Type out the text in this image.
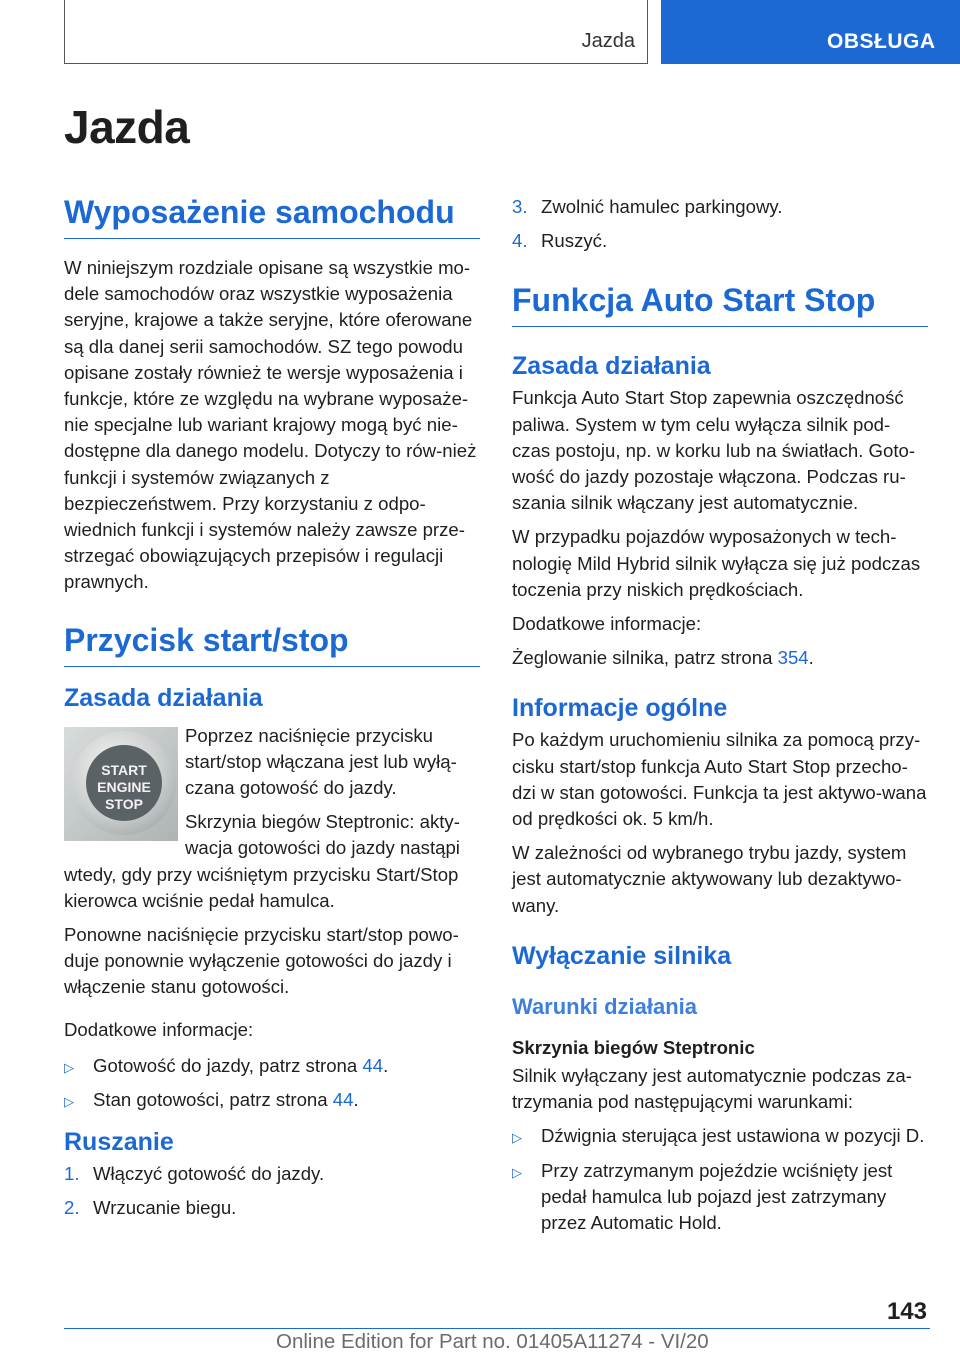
Jazda	OBSŁUGA
Jazda
Wyposażenie samochodu

W niniejszym rozdziale opisane są wszystkie mo-dele samochodów oraz wszystkie wyposażenia seryjne, krajowe a także seryjne, które oferowane są dla danej serii samochodów. SZ tego powodu opisane zostały również te wersje wyposażenia i funkcje, które ze względu na wybrane wyposaże-nie specjalne lub wariant krajowy mogą być nie-dostępne dla danego modelu. Dotyczy to rów-nież funkcji i systemów związanych z bezpieczeństwem. Przy korzystaniu z odpo-wiednich funkcji i systemów należy zawsze prze-strzegać obowiązujących przepisów i regulacji prawnych.

Przycisk start/stop
Zasada działania
START
ENGINE
STOP

Poprzez naciśnięcie przycisku start/stop włączana jest lub wyłą-czana gotowość do jazdy.

Skrzynia biegów Steptronic: akty-wacja gotowości do jazdy nastąpi wtedy, gdy przy wciśniętym przycisku Start/Stop kierowca wciśnie pedał hamulca.

Ponowne naciśnięcie przycisku start/stop powo-duje ponownie wyłączenie gotowości do jazdy i włączenie stanu gotowości.

Dodatkowe informacje:

▷ Gotowość do jazdy, patrz strona 44.
▷ Stan gotowości, patrz strona 44.
Ruszanie
1. Włączyć gotowość do jazdy.
2. Wrzucanie biegu.
3. Zwolnić hamulec parkingowy.
4. Ruszyć.
Funkcja Auto Start Stop
Zasada działania

Funkcja Auto Start Stop zapewnia oszczędność paliwa. System w tym celu wyłącza silnik pod-czas postoju, np. w korku lub na światłach. Goto-wość do jazdy pozostaje włączona. Podczas ru-szania silnik włączany jest automatycznie.

W przypadku pojazdów wyposażonych w tech-nologię Mild Hybrid silnik wyłącza się już podczas toczenia przy niskich prędkościach.

Dodatkowe informacje:

Żeglowanie silnika, patrz strona 354.

Informacje ogólne

Po każdym uruchomieniu silnika za pomocą przy-cisku start/stop funkcja Auto Start Stop przecho-dzi w stan gotowości. Funkcja ta jest aktywo-wana od prędkości ok. 5 km/h.

W zależności od wybranego trybu jazdy, system jest automatycznie aktywowany lub dezaktywo-wany.

Wyłączanie silnika
Warunki działania
Skrzynia biegów Steptronic

Silnik wyłączany jest automatycznie podczas za-trzymania pod następującymi warunkami:

▷ Dźwignia sterująca jest ustawiona w pozycji D.
▷ Przy zatrzymanym pojeździe wciśnięty jest pedał hamulca lub pojazd jest zatrzymany przez Automatic Hold.
143
Online Edition for Part no. 01405A11274 - VI/20
